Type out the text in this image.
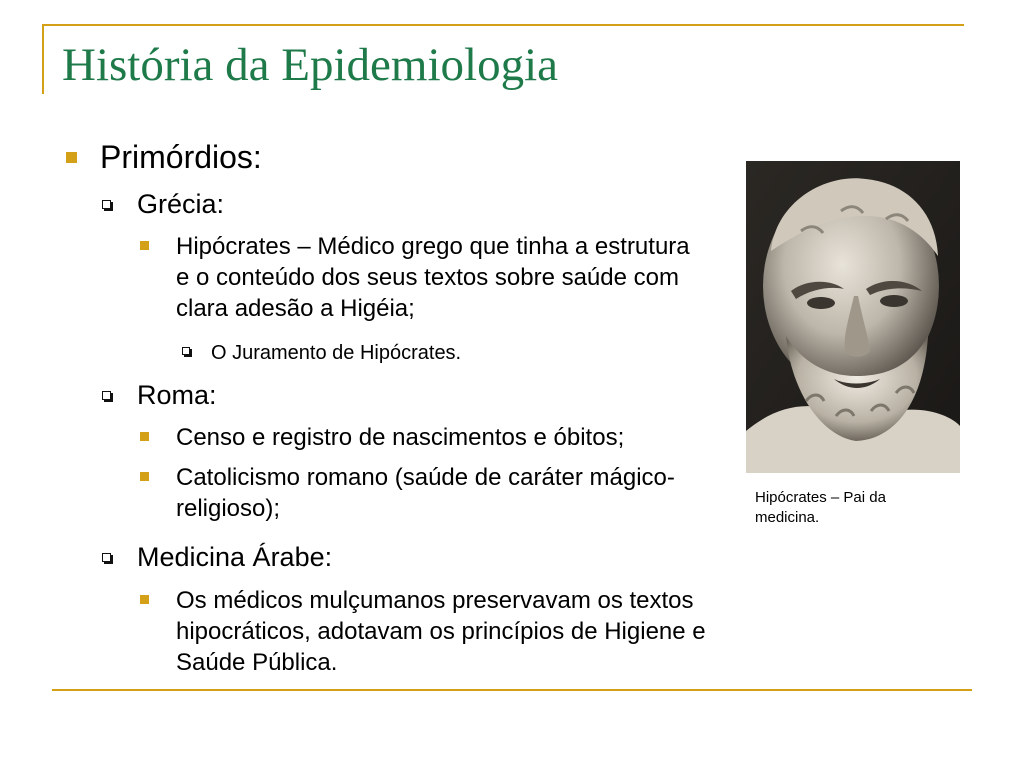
História da Epidemiologia
Primórdios:
Grécia:
Hipócrates – Médico grego que tinha a estrutura e o conteúdo dos seus textos sobre saúde com clara adesão a Higéia;
O Juramento de Hipócrates.
Roma:
Censo e registro de nascimentos e óbitos;
Catolicismo romano (saúde de caráter mágico-religioso);
Medicina Árabe:
Os médicos mulçumanos preservavam os textos hipocráticos, adotavam os princípios de Higiene e Saúde Pública.
Hipócrates – Pai da medicina.
